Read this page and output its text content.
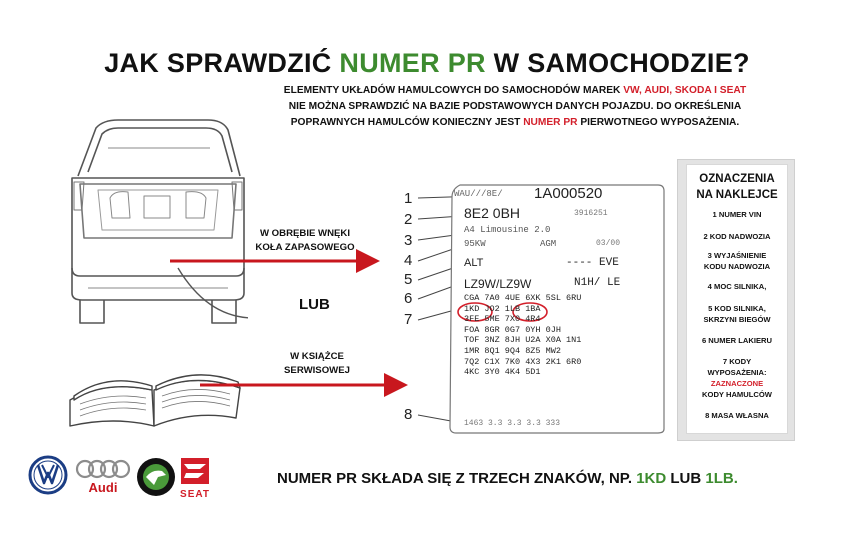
JAK SPRAWDZIĆ NUMER PR W SAMOCHODZIE?
ELEMENTY UKŁADÓW HAMULCOWYCH DO SAMOCHODÓW MAREK VW, AUDI, SKODA I SEAT
NIE MOŻNA SPRAWDZIĆ NA BAZIE PODSTAWOWYCH DANYCH POJAZDU. DO OKREŚLENIA
POPRAWNYCH HAMULCÓW KONIECZNY JEST NUMER PR PIERWOTNEGO WYPOSAŻENIA.
W OBRĘBIE WNĘKI
KOŁA ZAPASOWEGO
LUB
W KSIĄŻCE
SERWISOWEJ
1
2
3
4
5
6
7
8
WAU///8E/ 1A000520
8E2 0BH	3916251
A4 Limousine 2.0
95KW	AGM	03/00
ALT	---- EVE
LZ9W/LZ9W	N1H/ LE
CGA 7A0 4UE 6XK 5SL 6RU
1KD JO2 1LB 1BA
3FE 5ME 7X0 4R4
FOA 8GR 0G7 0YH 0JH
TOF 3NZ 8JH U2A X0A 1N1
1MR 8Q1 9Q4 8Z5 MW2
7Q2 C1X 7K0 4X3 2K1 6R0
4KC 3Y0 4K4 5D1
1463 3.3 3.3 3.3 333
OZNACZENIA
NA NAKLEJCE
1 NUMER VIN
2 KOD NADWOZIA
3 WYJAŚNIENIE
KODU NADWOZIA
4 MOC SILNIKA,
5 KOD SILNIKA,
SKRZYNI BIEGÓW
6 NUMER LAKIERU
7 KODY
WYPOSAŻENIA:
ZAZNACZONE
KODY HAMULCÓW
8 MASA WŁASNA
Audi	SEAT
NUMER PR SKŁADA SIĘ Z TRZECH ZNAKÓW, NP. 1KD LUB 1LB.
